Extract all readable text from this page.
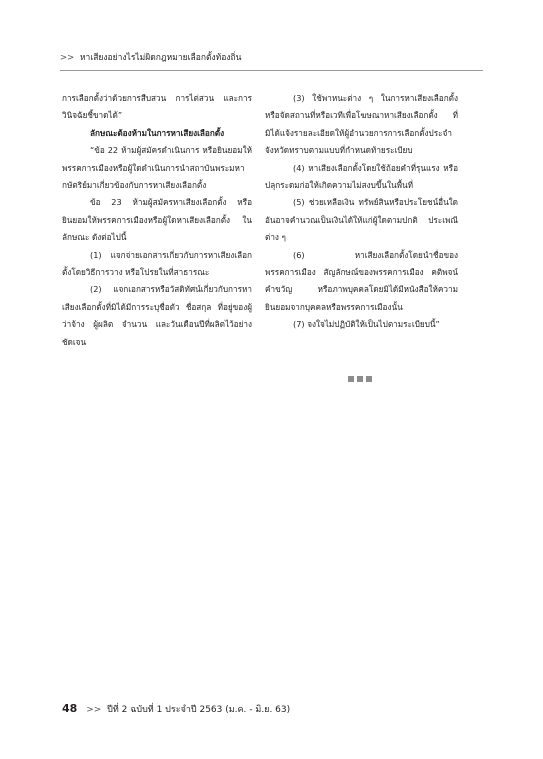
>> หาเสียงอย่างไรไม่ผิดกฎหมายเลือกตั้งท้องถิ่น

การเลือกตั้งว่าด้วยการสืบสวน การไต่สวน และการวินิจฉัยชี้ขาดได้”

ลักษณะต้องห้ามในการหาเสียงเลือกตั้ง

“ข้อ 22 ห้ามผู้สมัครดำเนินการ หรือยินยอมให้พรรคการเมืองหรือผู้ใดดำเนินการนำสถาบันพระมหากษัตริย์มาเกี่ยวข้องกับการหาเสียงเลือกตั้ง

ข้อ 23 ห้ามผู้สมัครหาเสียงเลือกตั้ง หรือยินยอมให้พรรคการเมืองหรือผู้ใดหาเสียงเลือกตั้ง ในลักษณะ ดังต่อไปนี้

(1) แจกจ่ายเอกสารเกี่ยวกับการหาเสียงเลือกตั้งโดยวิธีการวาง หรือโปรยในที่สาธารณะ

(2) แจกเอกสารหรือวัสดิทัศน์เกี่ยวกับการหาเสียงเลือกตั้งที่มิได้มีการระบุชื่อตัว ชื่อสกุล ที่อยู่ของผู้ว่าจ้าง ผู้ผลิต จำนวน และวันเดือนปีที่ผลิตไว้อย่างชัดเจน

(3) ใช้พาหนะต่าง ๆ ในการหาเสียงเลือกตั้ง หรือจัดสถานที่หรือเวทีเพื่อโฆษณาหาเสียงเลือกตั้ง ที่มิได้แจ้งรายละเอียดให้ผู้อำนวยการการเลือกตั้งประจำจังหวัดทราบตามแบบที่กำหนดท้ายระเบียบ

(4) หาเสียงเลือกตั้งโดยใช้ถ้อยคำที่รุนแรง หรือปลุกระดมก่อให้เกิดความไม่สงบขึ้นในพื้นที่

(5) ช่วยเหลือเงิน ทรัพย์สินหรือประโยชน์อื่นใดอันอาจคำนวณเป็นเงินได้ให้แก่ผู้ใดตามปกติ ประเพณีต่าง ๆ

(6) หาเสียงเลือกตั้งโดยนำชื่อของพรรคการเมือง สัญลักษณ์ของพรรคการเมือง คติพจน์ คำขวัญ หรือภาพบุคคลโดยมิได้มีหนังสือให้ความยินยอมจากบุคคลหรือพรรคการเมืองนั้น

(7) จงใจไม่ปฏิบัติให้เป็นไปตามระเบียบนี้”

48 >> ปีที่ 2 ฉบับที่ 1 ประจำปี 2563 (ม.ค. - มิ.ย. 63)
